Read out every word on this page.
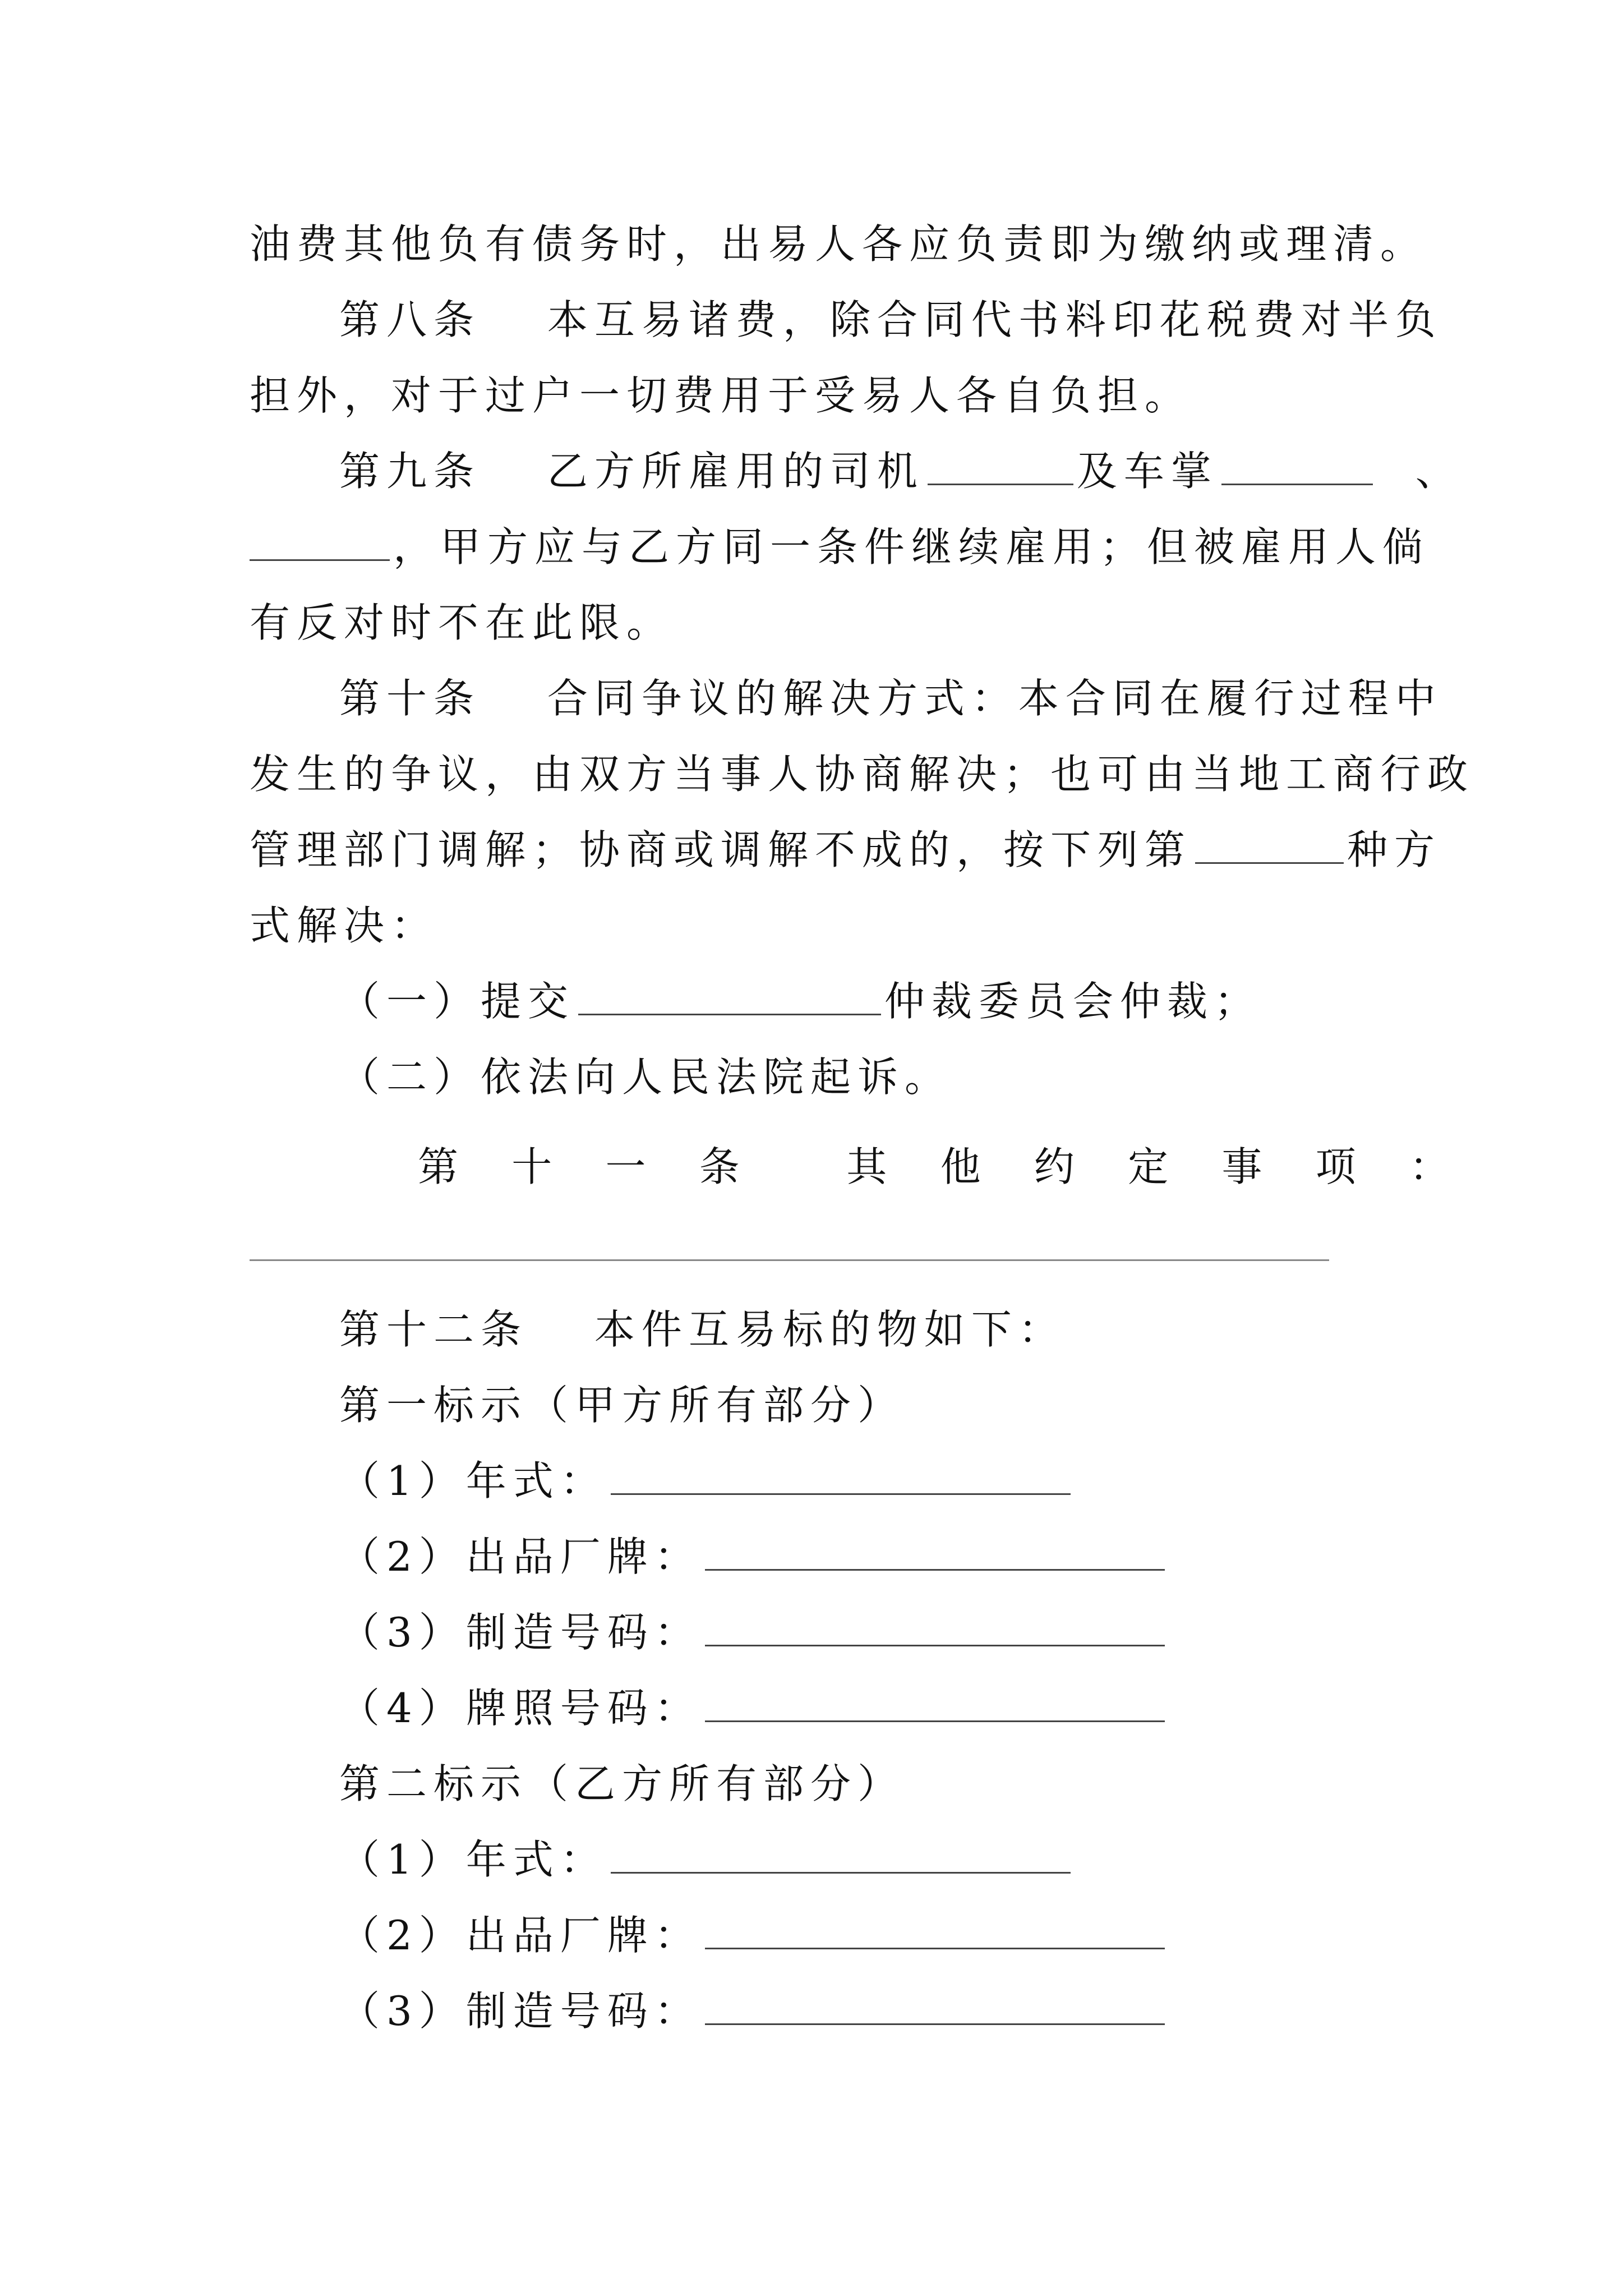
油费其他负有债务时，出易人各应负责即为缴纳或理清。
第八条　 本互易诸费，除合同代书料印花税费对半负
担外，对于过户一切费用于受易人各自负担。
第九条　 乙方所雇用的司机	及车掌	、
，甲方应与乙方同一条件继续雇用；但被雇用人倘
有反对时不在此限。
第十条　 合同争议的解决方式：本合同在履行过程中
发生的争议，由双方当事人协商解决；也可由当地工商行政
管理部门调解；协商或调解不成的，按下列第	种方
式解决：
（一）提交	仲裁委员会仲裁；
（二）依法向人民法院起诉。
第 十 一 条	其 他 约 定 事 项 ：
第十二条　 本件互易标的物如下：
第一标示（甲方所有部分）
（1）年式：
（2）出品厂牌：
（3）制造号码：
（4）牌照号码：
第二标示（乙方所有部分）
（1）年式：
（2）出品厂牌：
（3）制造号码：
